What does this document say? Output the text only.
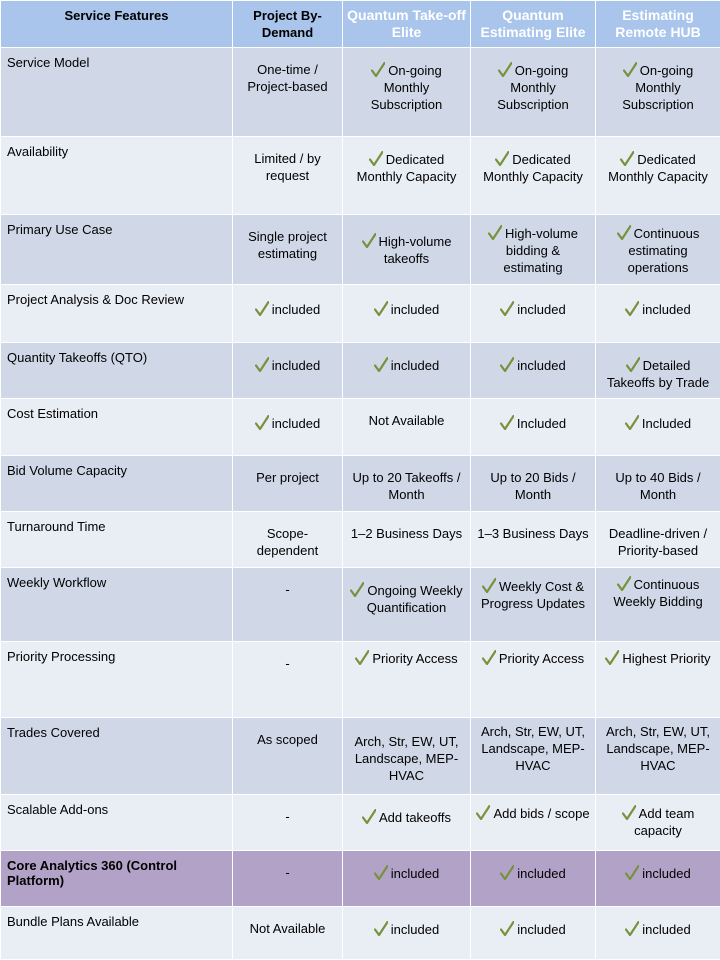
Service Features	Project By-Demand	Quantum Take-off Elite	Quantum Estimating Elite	Estimating Remote HUB
Service Model	One-time / Project-based	On-going Monthly Subscription	On-going Monthly Subscription	On-going Monthly Subscription

Availability	Limited / by request	Dedicated Monthly Capacity	Dedicated Monthly Capacity	Dedicated Monthly Capacity

Primary Use Case	Single project estimating	High-volume takeoffs	High-volume bidding & estimating	Continuous estimating operations

Project Analysis & Doc Review	included	included	included	included

Quantity Takeoffs (QTO)	included	included	included	Detailed Takeoffs by Trade

Cost Estimation	included	Not Available	Included	Included

Bid Volume Capacity	Per project	Up to 20 Takeoffs / Month	Up to 20 Bids / Month	Up to 40 Bids / Month

Turnaround Time	Scope-dependent	1–2 Business Days	1–3 Business Days	Deadline-driven / Priority-based

Weekly Workflow	-	Ongoing Weekly Quantification	Weekly Cost & Progress Updates	Continuous Weekly Bidding

Priority Processing	-	Priority Access	Priority Access	Highest Priority

Trades Covered	As scoped	Arch, Str, EW, UT, Landscape, MEP-HVAC	Arch, Str, EW, UT, Landscape, MEP-HVAC	Arch, Str, EW, UT, Landscape, MEP-HVAC

Scalable Add-ons	-	Add takeoffs	Add bids / scope	Add team capacity

Core Analytics 360 (Control Platform)	-	included	included	included

Bundle Plans Available	Not Available	included	included	included
